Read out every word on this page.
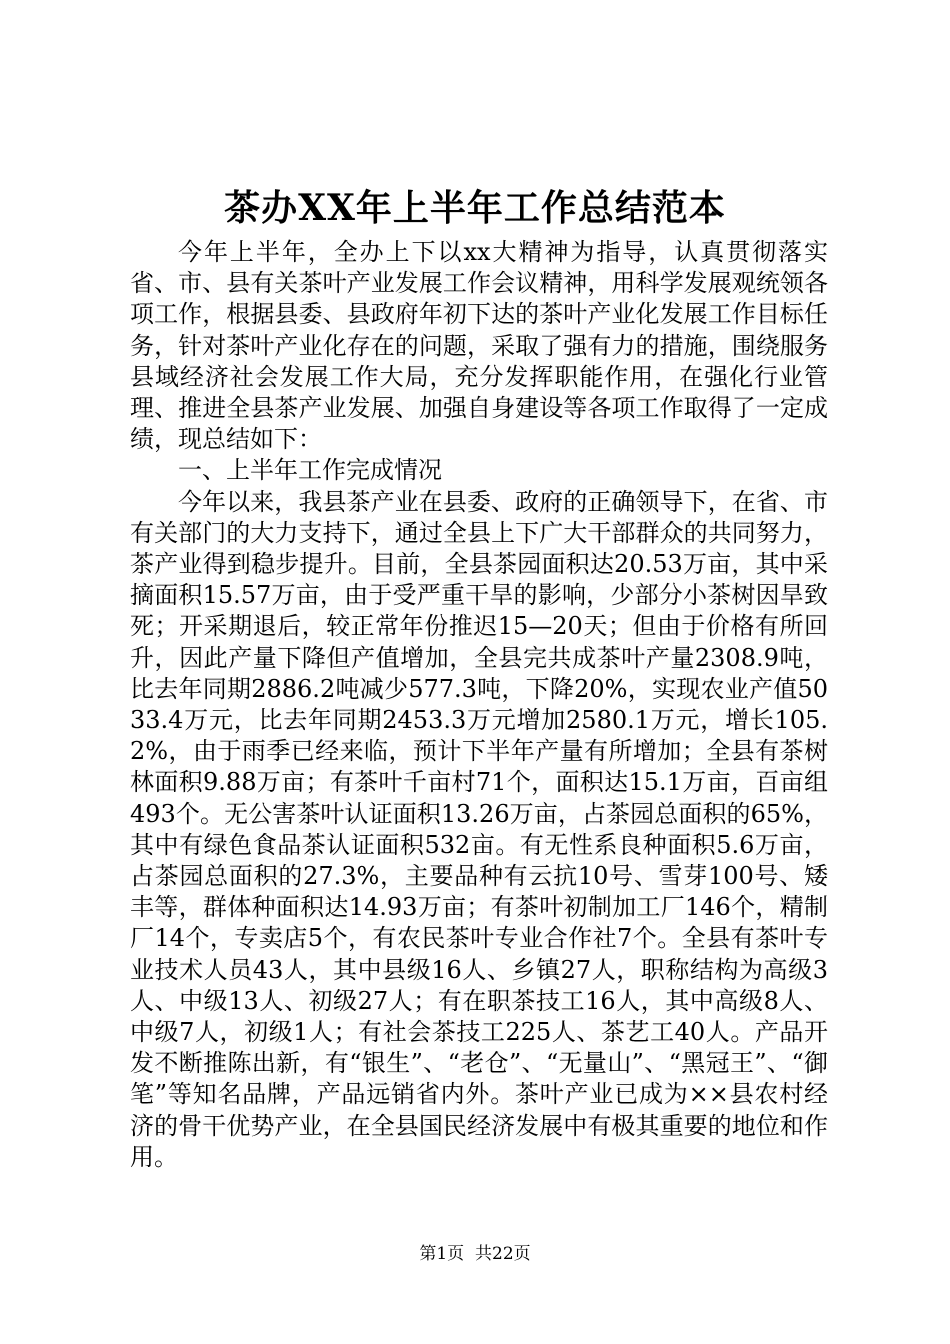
茶办XX年上半年工作总结范本

今年上半年，全办上下以xx大精神为指导，认真贯彻落实省、市、县有关茶叶产业发展工作会议精神，用科学发展观统领各项工作，根据县委、县政府年初下达的茶叶产业化发展工作目标任务，针对茶叶产业化存在的问题，采取了强有力的措施，围绕服务县域经济社会发展工作大局，充分发挥职能作用，在强化行业管理、推进全县茶产业发展、加强自身建设等各项工作取得了一定成绩，现总结如下：

一、上半年工作完成情况

今年以来，我县茶产业在县委、政府的正确领导下，在省、市有关部门的大力支持下，通过全县上下广大干部群众的共同努力，茶产业得到稳步提升。目前，全县茶园面积达20.53万亩，其中采摘面积15.57万亩，由于受严重干旱的影响，少部分小茶树因旱致死；开采期退后，较正常年份推迟15—20天；但由于价格有所回升，因此产量下降但产值增加，全县完共成茶叶产量2308.9吨，比去年同期2886.2吨减少577.3吨，下降20%，实现农业产值5033.4万元，比去年同期2453.3万元增加2580.1万元，增长105.2%，由于雨季已经来临，预计下半年产量有所增加；全县有茶树林面积9.88万亩；有茶叶千亩村71个，面积达15.1万亩，百亩组493个。无公害茶叶认证面积13.26万亩，占茶园总面积的65%，其中有绿色食品茶认证面积532亩。有无性系良种面积5.6万亩，占茶园总面积的27.3%，主要品种有云抗10号、雪芽100号、矮丰等，群体种面积达14.93万亩；有茶叶初制加工厂146个，精制厂14个，专卖店5个，有农民茶叶专业合作社7个。全县有茶叶专业技术人员43人，其中县级16人、乡镇27人，职称结构为高级3人、中级13人、初级27人；有在职茶技工16人，其中高级8人、中级7人，初级1人；有社会茶技工225人、茶艺工40人。产品开发不断推陈出新，有“银生”、“老仓”、“无量山”、“黑冠王”、“御笔”等知名品牌，产品远销省内外。茶叶产业已成为××县农村经济的骨干优势产业，在全县国民经济发展中有极其重要的地位和作用。

第1页 共22页
